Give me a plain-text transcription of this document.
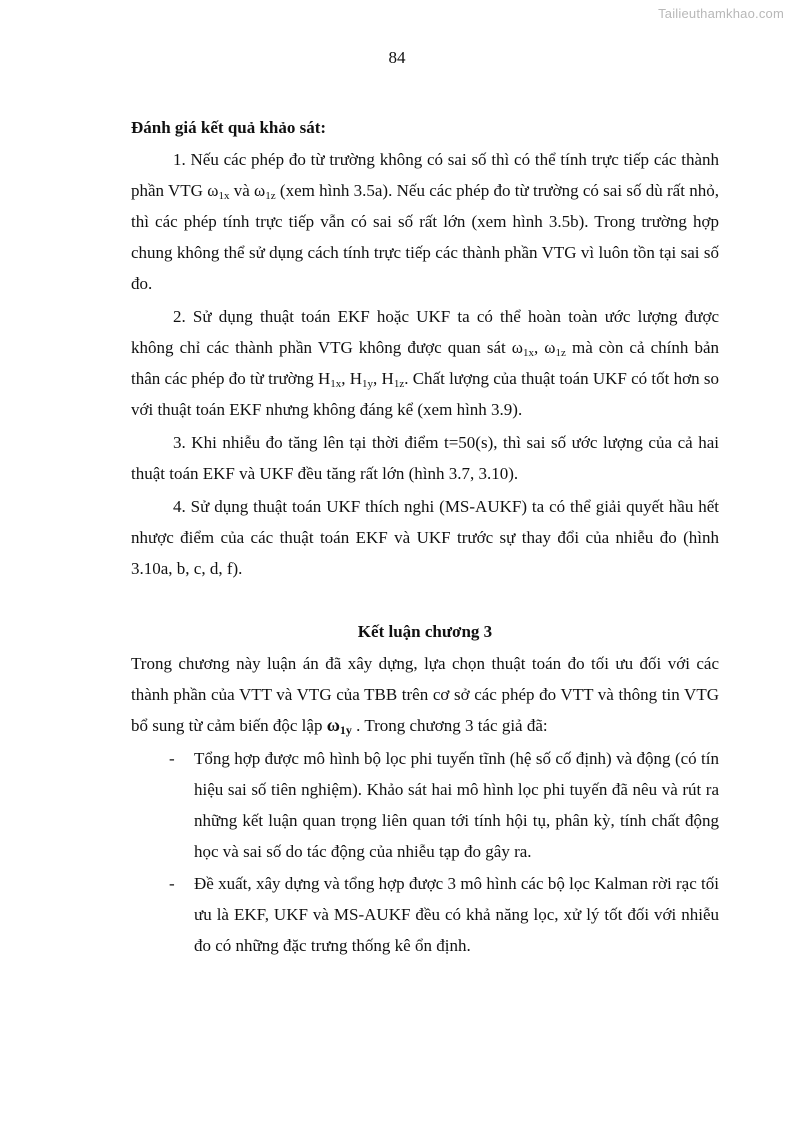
Tailieuthamkhao.com
84

Đánh giá kết quả khảo sát:

1. Nếu các phép đo từ trường không có sai số thì có thể tính trực tiếp các thành phần VTG $\omega_{1x}$ và $\omega_{1z}$ (xem hình 3.5a). Nếu các phép đo từ trường có sai số dù rất nhỏ, thì các phép tính trực tiếp vẫn có sai số rất lớn (xem hình 3.5b). Trong trường hợp chung không thể sử dụng cách tính trực tiếp các thành phần VTG vì luôn tồn tại sai số đo.

2. Sử dụng thuật toán EKF hoặc UKF ta có thể hoàn toàn ước lượng được không chỉ các thành phần VTG không được quan sát $\omega_{1x}$, $\omega_{1z}$ mà còn cả chính bản thân các phép đo từ trường $H_{1x}$, $H_{1y}$, $H_{1z}$. Chất lượng của thuật toán UKF có tốt hơn so với thuật toán EKF nhưng không đáng kể (xem hình 3.9).

3. Khi nhiễu đo tăng lên tại thời điểm t=50(s), thì sai số ước lượng của cả hai thuật toán EKF và UKF đều tăng rất lớn (hình 3.7, 3.10).

4. Sử dụng thuật toán UKF thích nghi (MS-AUKF) ta có thể giải quyết hầu hết nhược điểm của các thuật toán EKF và UKF trước sự thay đổi của nhiễu đo (hình 3.10a, b, c, d, f).

Kết luận chương 3

Trong chương này luận án đã xây dựng, lựa chọn thuật toán đo tối ưu đối với các thành phần của VTT và VTG của TBB trên cơ sở các phép đo VTT và thông tin VTG bổ sung từ cảm biến độc lập $\omega_{1y}$ . Trong chương 3 tác giả đã:

- Tổng hợp được mô hình bộ lọc phi tuyến tĩnh (hệ số cố định) và động (có tín hiệu sai số tiên nghiệm). Khảo sát hai mô hình lọc phi tuyến đã nêu và rút ra những kết luận quan trọng liên quan tới tính hội tụ, phân kỳ, tính chất động học và sai số do tác động của nhiễu tạp đo gây ra.
- Đề xuất, xây dựng và tổng hợp được 3 mô hình các bộ lọc Kalman rời rạc tối ưu là EKF, UKF và MS-AUKF đều có khả năng lọc, xử lý tốt đối với nhiễu đo có những đặc trưng thống kê ổn định.
